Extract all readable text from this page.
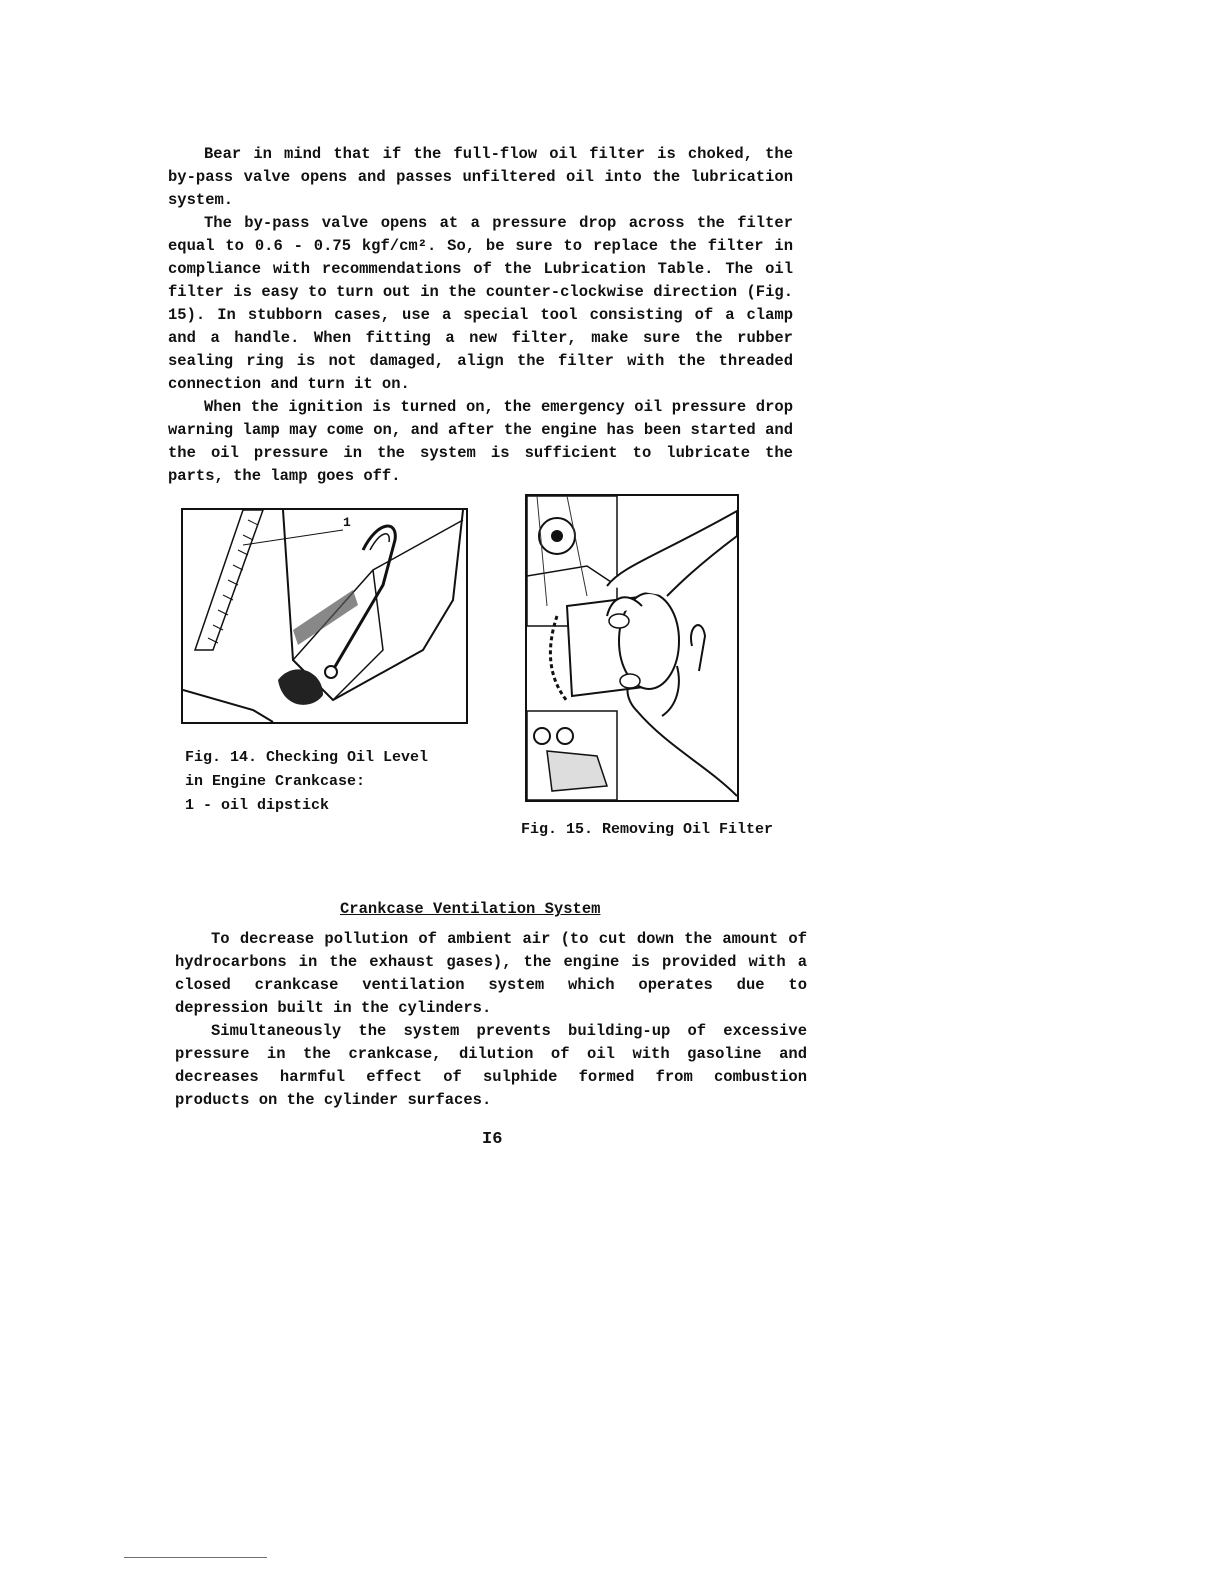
Bear in mind that if the full-flow oil filter is choked, the by-pass valve opens and passes unfiltered oil into the lubrication system.

The by-pass valve opens at a pressure drop across the filter equal to 0.6 - 0.75 kgf/cm². So, be sure to replace the filter in compliance with recommendations of the Lubrication Table. The oil filter is easy to turn out in the counter-clockwise direction (Fig. 15). In stubborn cases, use a special tool consisting of a clamp and a handle. When fitting a new filter, make sure the rubber sealing ring is not damaged, align the filter with the threaded connection and turn it on.

When the ignition is turned on, the emergency oil pressure drop warning lamp may come on, and after the engine has been started and the oil pressure in the system is sufficient to lubricate the parts, the lamp goes off.

1
Fig. 14. Checking Oil Level
in Engine Crankcase:
1 - oil dipstick
Fig. 15. Removing Oil Filter
Crankcase Ventilation System

To decrease pollution of ambient air (to cut down the amount of hydrocarbons in the exhaust gases), the engine is provided with a closed crankcase ventilation system which operates due to depression built in the cylinders.

Simultaneously the system prevents building-up of excessive pressure in the crankcase, dilution of oil with gasoline and decreases harmful effect of sulphide formed from combustion products on the cylinder surfaces.

I6
